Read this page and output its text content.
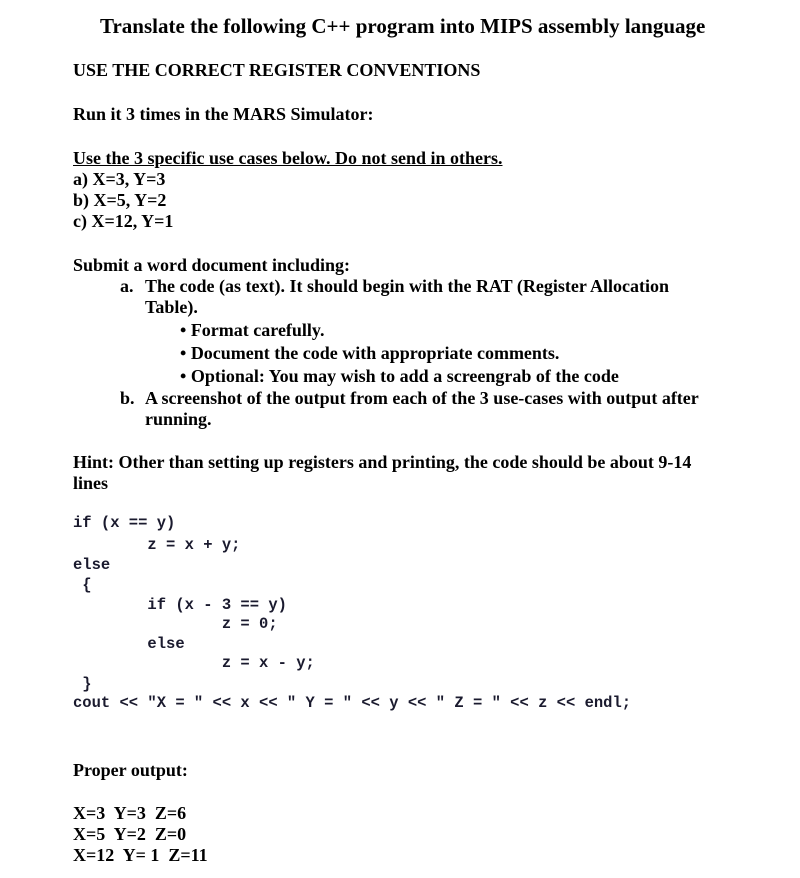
Translate the following C++ program into MIPS assembly language
USE THE CORRECT REGISTER CONVENTIONS
Run it 3 times in the MARS Simulator:
Use the 3 specific use cases below. Do not send in others.
a) X=3, Y=3
b) X=5, Y=2
c) X=12, Y=1
Submit a word document including:
a. The code (as text). It should begin with the RAT (Register Allocation
Table).
• Format carefully.
• Document the code with appropriate comments.
• Optional: You may wish to add a screengrab of the code
b. A screenshot of the output from each of the 3 use-cases with output after
running.
Hint: Other than setting up registers and printing, the code should be about 9-14
lines
if (x == y)
z = x + y;
else
{
if (x - 3 == y)
z = 0;
else
z = x - y;
}
cout << "X = " << x << " Y = " << y << " Z = " << z << endl;
Proper output:
X=3  Y=3  Z=6
X=5  Y=2  Z=0
X=12  Y= 1  Z=11
